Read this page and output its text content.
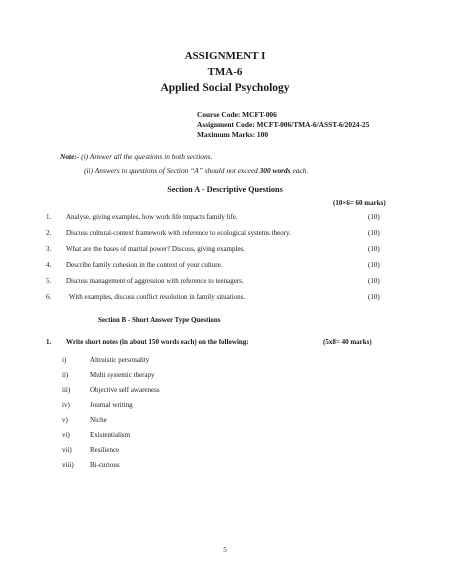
ASSIGNMENT I
TMA-6
Applied Social Psychology
Course Code: MCFT-006
Assignment Code: MCFT-006/TMA-6/ASST-6/2024-25
Maximum Marks: 100
Note:- (i) Answer all the questions in both sections.
(ii) Answers to questions of Section “A” should not exceed 300 words each.
Section A - Descriptive Questions
(10×6= 60 marks)
1. Analyse, giving examples, how work life impacts family life.	(10)
2. Discuss cultural-context framework with reference to ecological systems theory.	(10)
3. What are the bases of marital power? Discuss, giving examples.	(10)
4. Describe family cohesion in the context of your culture.	(10)
5. Discuss management of aggression with reference to teenagers.	(10)
6.	With examples, discuss conflict resolution in family situations.	(10)
Section B - Short Answer Type Questions
1. Write short notes (in about 150 words each) on the following:	(5x8= 40 marks)
i)	Altruistic personality
ii)	Multi systemic therapy
iii)	Objective self awareness
iv)	Journal writing
v)	Niche
vi)	Existentialism
vii)	Resilience
viii) Bi-curious
5
